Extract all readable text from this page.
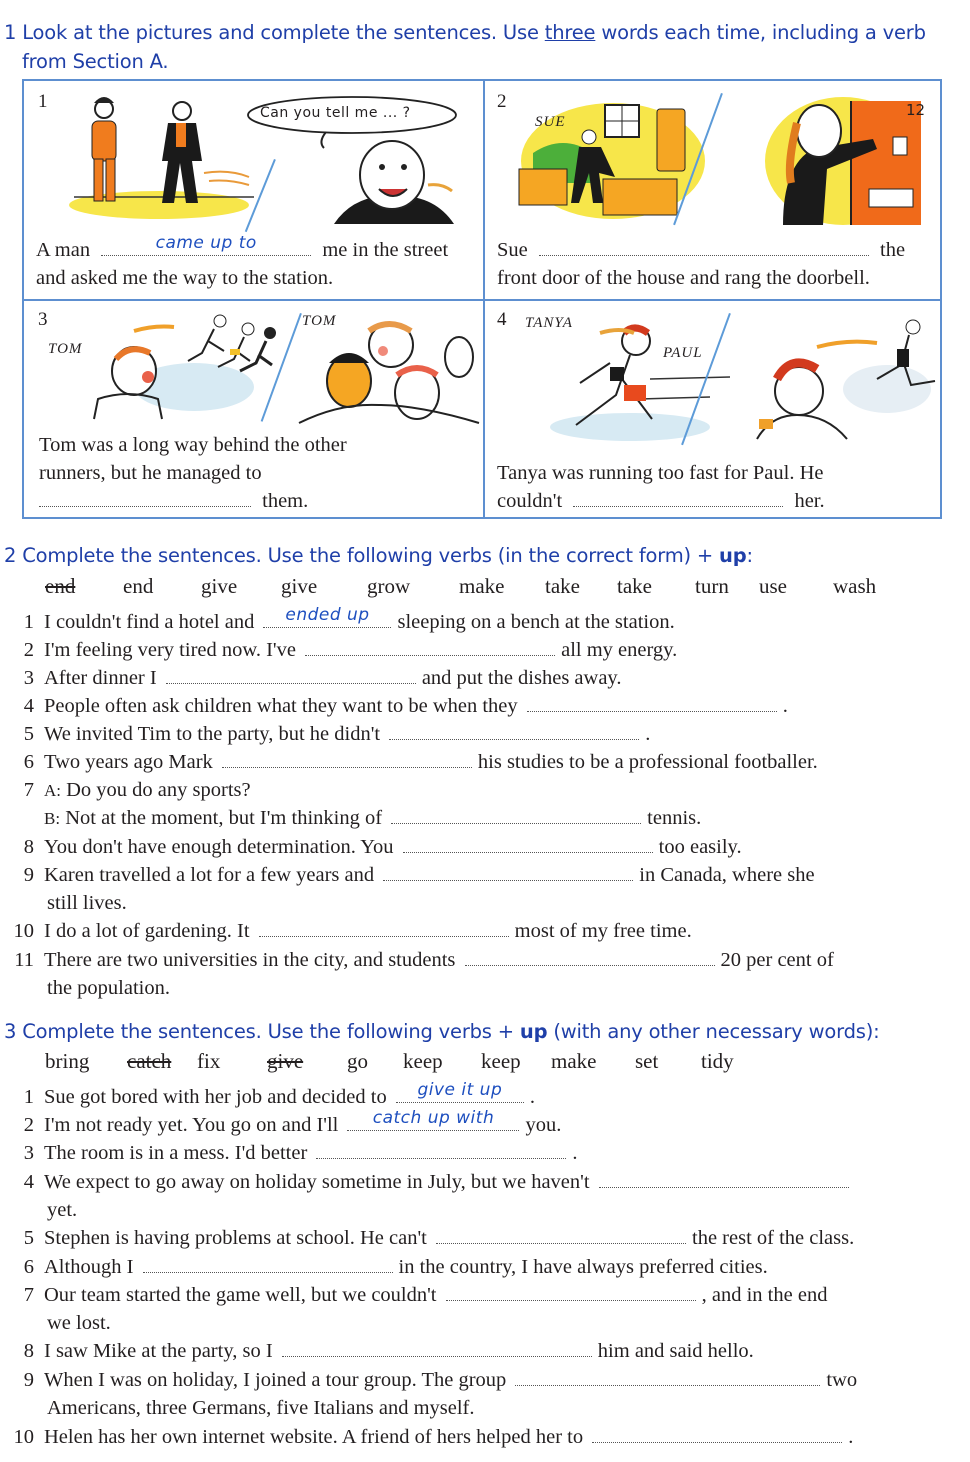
1 Look at the pictures and complete the sentences. Use three words each time, including a verb
from Section A.
1
Can you tell me ... ?
A man	came up to	me in the street
and asked me the way to the station.
2
SUE
12
Sue	the
front door of the house and rang the doorbell.
3
TOM
TOM
Tom was a long way behind the other
runners, but he managed to

them.
4 TANYA
PAUL
Tanya was running too fast for Paul. He
couldn't	her.
2 Complete the sentences. Use the following verbs (in the correct form) + up:
end end give give grow make take take turn use wash
1 I couldn't find a hotel and	ended up	sleeping on a bench at the station.
2 I'm feeling very tired now. I've	all my energy.
3 After dinner I	and put the dishes away.
4 People often ask children what they want to be when they	.
5 We invited Tim to the party, but he didn't	.
6 Two years ago Mark	his studies to be a professional footballer.
7 A: Do you do any sports?
B: Not at the moment, but I'm thinking of	tennis.
8 You don't have enough determination. You	too easily.
9 Karen travelled a lot for a few years and	in Canada, where she
still lives.
10 I do a lot of gardening. It	most of my free time.
11 There are two universities in the city, and students	20 per cent of
the population.
3 Complete the sentences. Use the following verbs + up (with any other necessary words):
bring catch fix give go keep keep make set tidy
1 Sue got bored with her job and decided to	give it up	.
2 I'm not ready yet. You go on and I'll	catch up with	you.
3 The room is in a mess. I'd better	.
4 We expect to go away on holiday sometime in July, but we haven't
yet.
5 Stephen is having problems at school. He can't	the rest of the class.
6 Although I	in the country, I have always preferred cities.
7 Our team started the game well, but we couldn't	, and in the end
we lost.
8 I saw Mike at the party, so I	him and said hello.
9 When I was on holiday, I joined a tour group. The group	two
Americans, three Germans, five Italians and myself.
10 Helen has her own internet website. A friend of hers helped her to	.
